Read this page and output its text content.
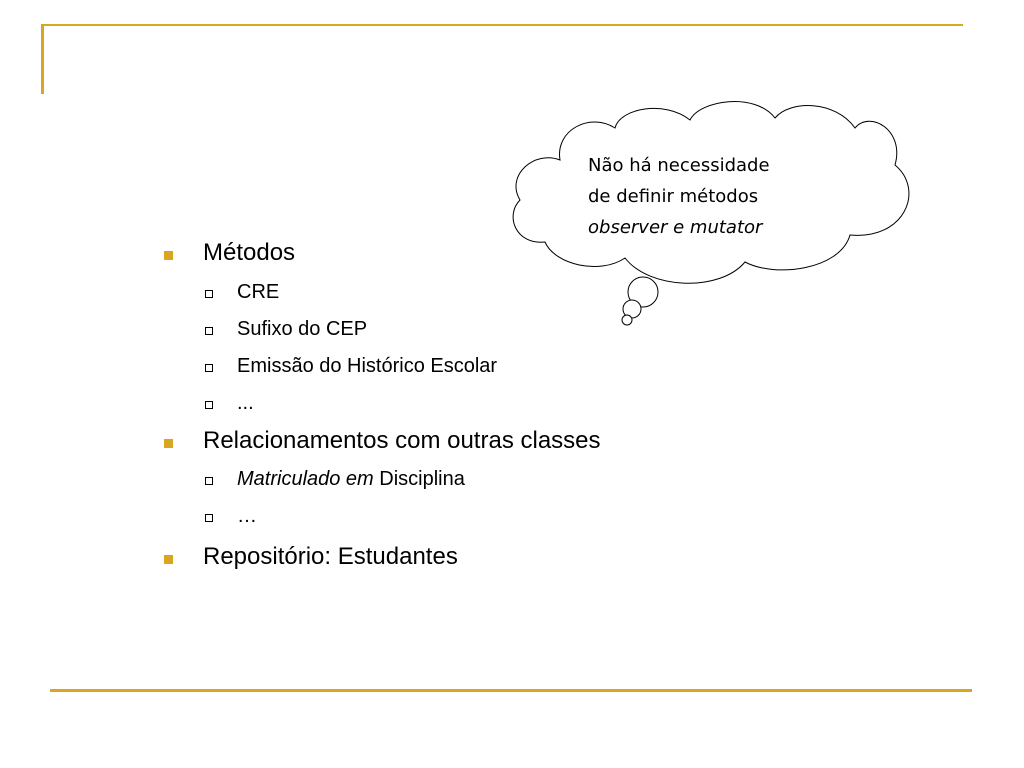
Métodos
CRE
Sufixo do CEP
Emissão do Histórico Escolar
...
Relacionamentos com outras classes
Matriculado em Disciplina
…
Repositório: Estudantes
Não há necessidade
de definir métodos
observer e mutator
